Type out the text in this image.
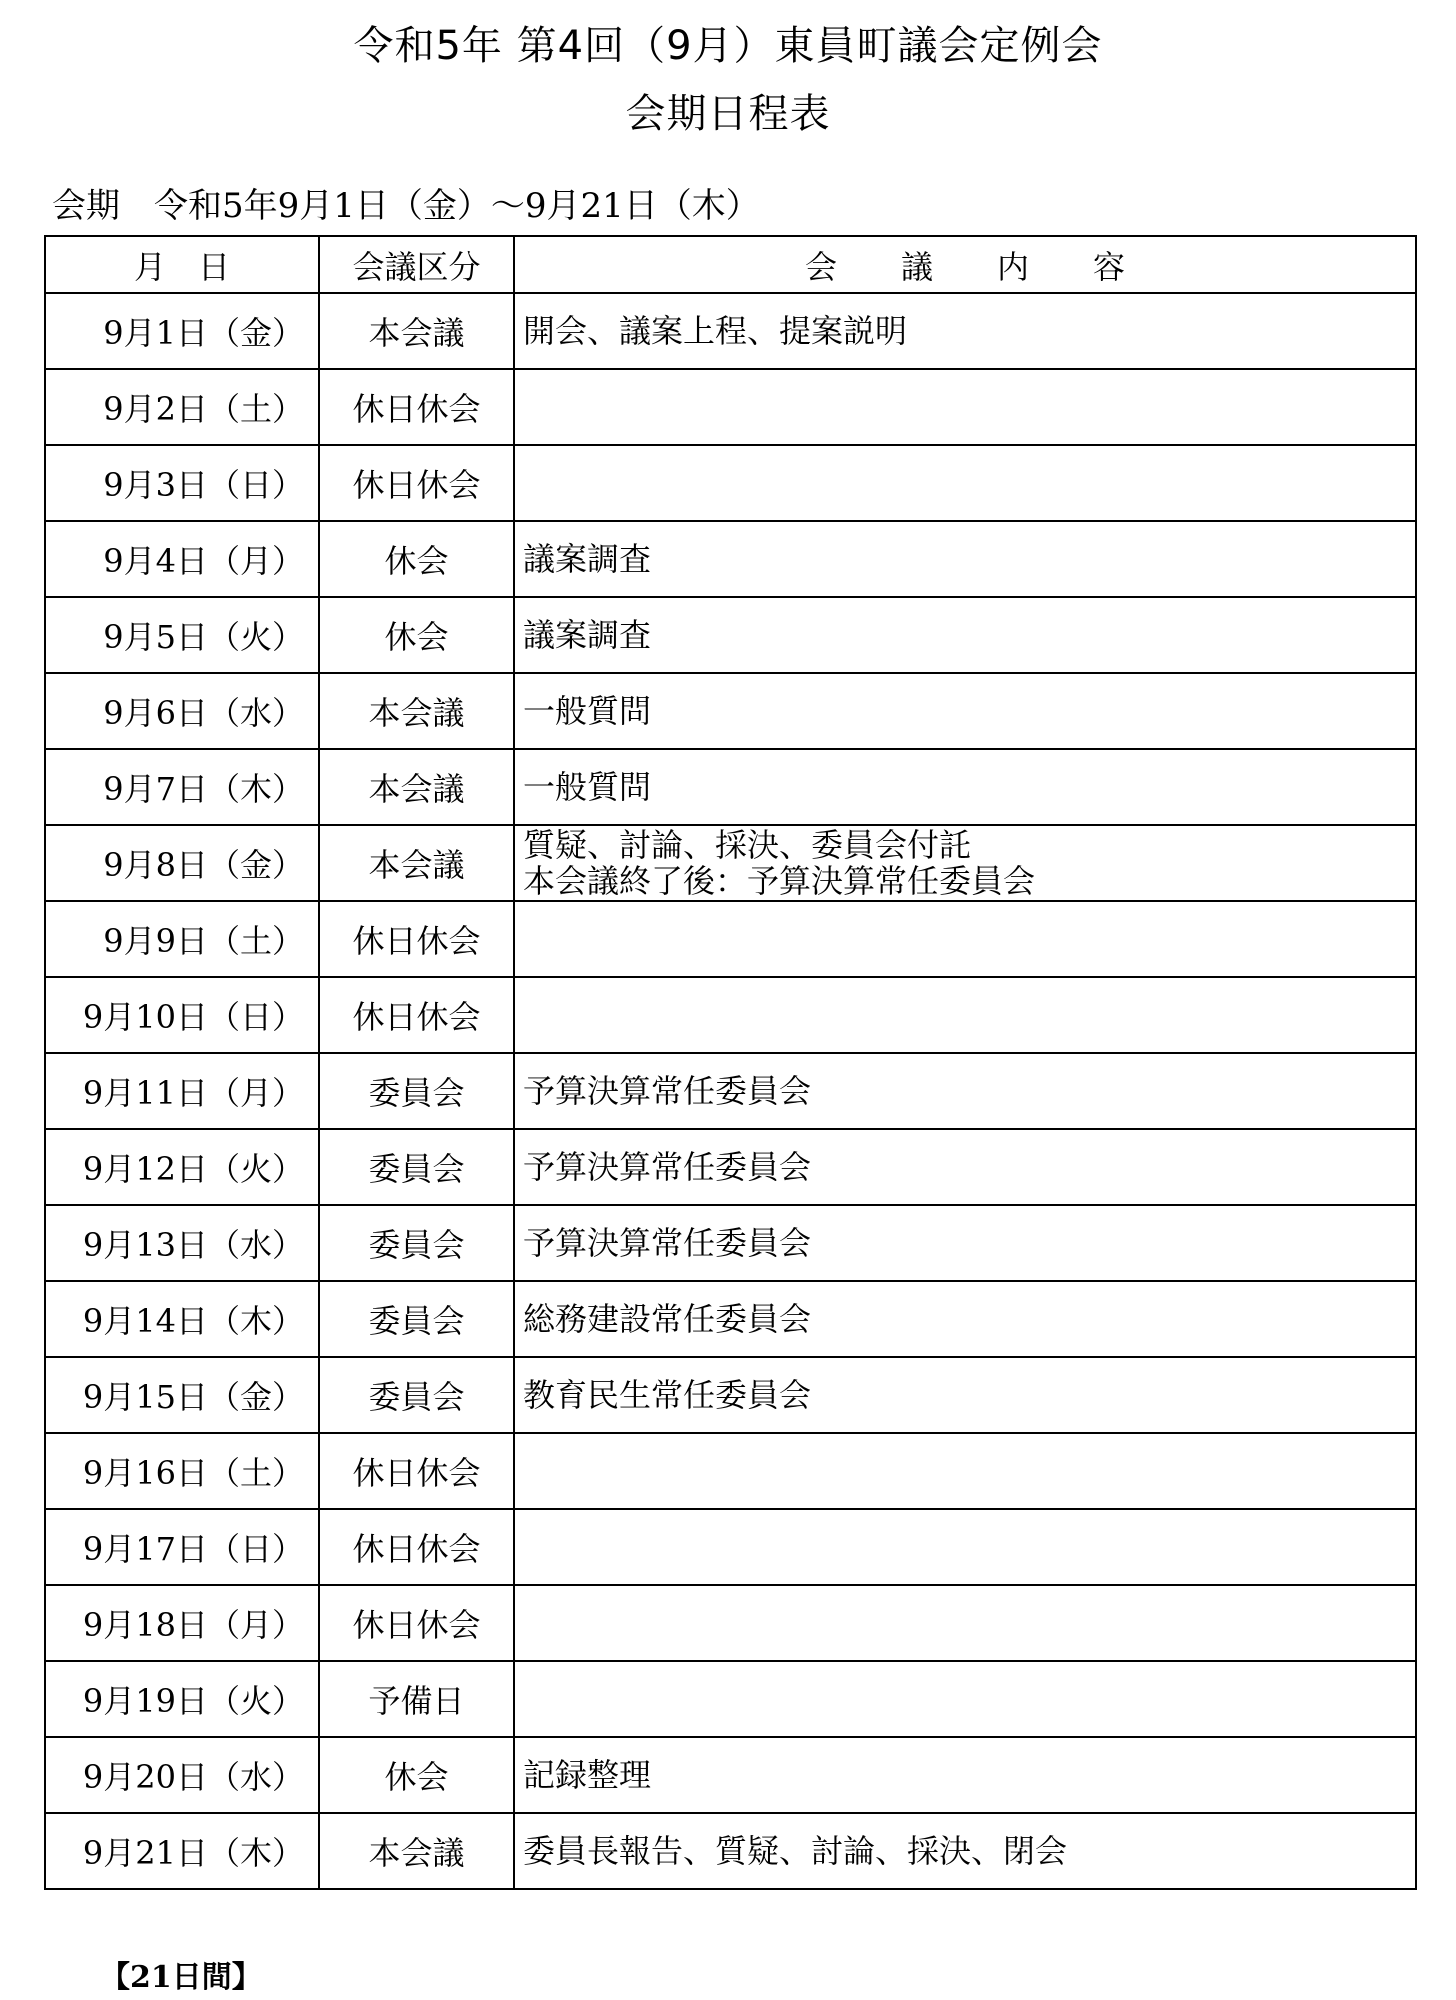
令和5年 第4回（9月）東員町議会定例会
会期日程表
会期　令和5年9月1日（金）～9月21日（木）
月　日	会議区分	会　　議　　内　　容
9月1日（金）	本会議	開会、議案上程、提案説明

9月2日（土）	休日休会	
9月3日（日）	休日休会	
9月4日（月）	休会	議案調査

9月5日（火）	休会	議案調査

9月6日（水）	本会議	一般質問

9月7日（木）	本会議	一般質問

9月8日（金）	本会議	質疑、討論、採決、委員会付託
本会議終了後：予算決算常任委員会

9月9日（土）	休日休会	
9月10日（日）	休日休会	
9月11日（月）	委員会	予算決算常任委員会

9月12日（火）	委員会	予算決算常任委員会

9月13日（水）	委員会	予算決算常任委員会

9月14日（木）	委員会	総務建設常任委員会

9月15日（金）	委員会	教育民生常任委員会

9月16日（土）	休日休会	
9月17日（日）	休日休会	
9月18日（月）	休日休会	
9月19日（火）	予備日	
9月20日（水）	休会	記録整理

9月21日（木）	本会議	委員長報告、質疑、討論、採決、閉会
【21日間】
